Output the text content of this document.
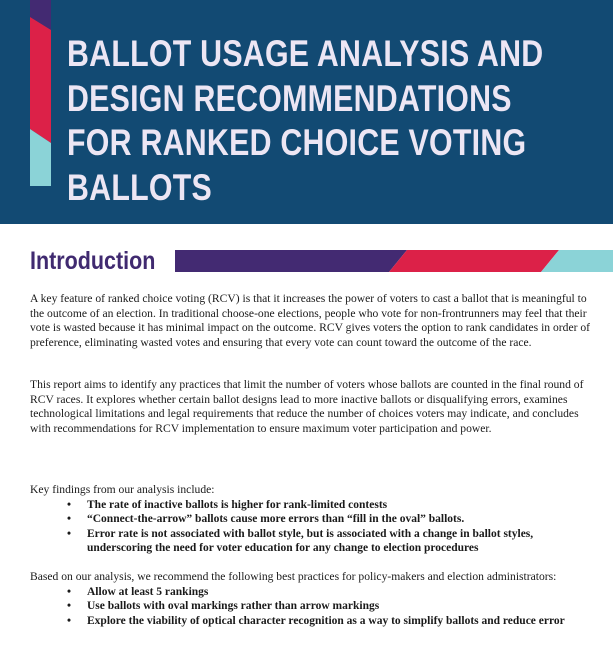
BALLOT USAGE ANALYSIS AND
DESIGN RECOMMENDATIONS
FOR RANKED CHOICE VOTING
BALLOTS
Introduction

A key feature of ranked choice voting (RCV) is that it increases the power of voters to cast a ballot that is meaningful to the outcome of an election. In traditional choose-one elections, people who vote for non-frontrunners may feel that their vote is wasted because it has minimal impact on the outcome. RCV gives voters the option to rank candidates in order of preference, eliminating wasted votes and ensuring that every vote can count toward the outcome of the race.

This report aims to identify any practices that limit the number of voters whose ballots are counted in the final round of RCV races. It explores whether certain ballot designs lead to more inactive ballots or disqualifying errors, examines technological limitations and legal requirements that reduce the number of choices voters may indicate, and concludes with recommendations for RCV implementation to ensure maximum voter participation and power.

Key findings from our analysis include:
• The rate of inactive ballots is higher for rank-limited contests
• “Connect-the-arrow” ballots cause more errors than “fill in the oval” ballots.
• Error rate is not associated with ballot style, but is associated with a change in ballot styles, underscoring the need for voter education for any change to election procedures
Based on our analysis, we recommend the following best practices for policy-makers and election administrators:
• Allow at least 5 rankings
• Use ballots with oval markings rather than arrow markings
• Explore the viability of optical character recognition as a way to simplify ballots and reduce error
